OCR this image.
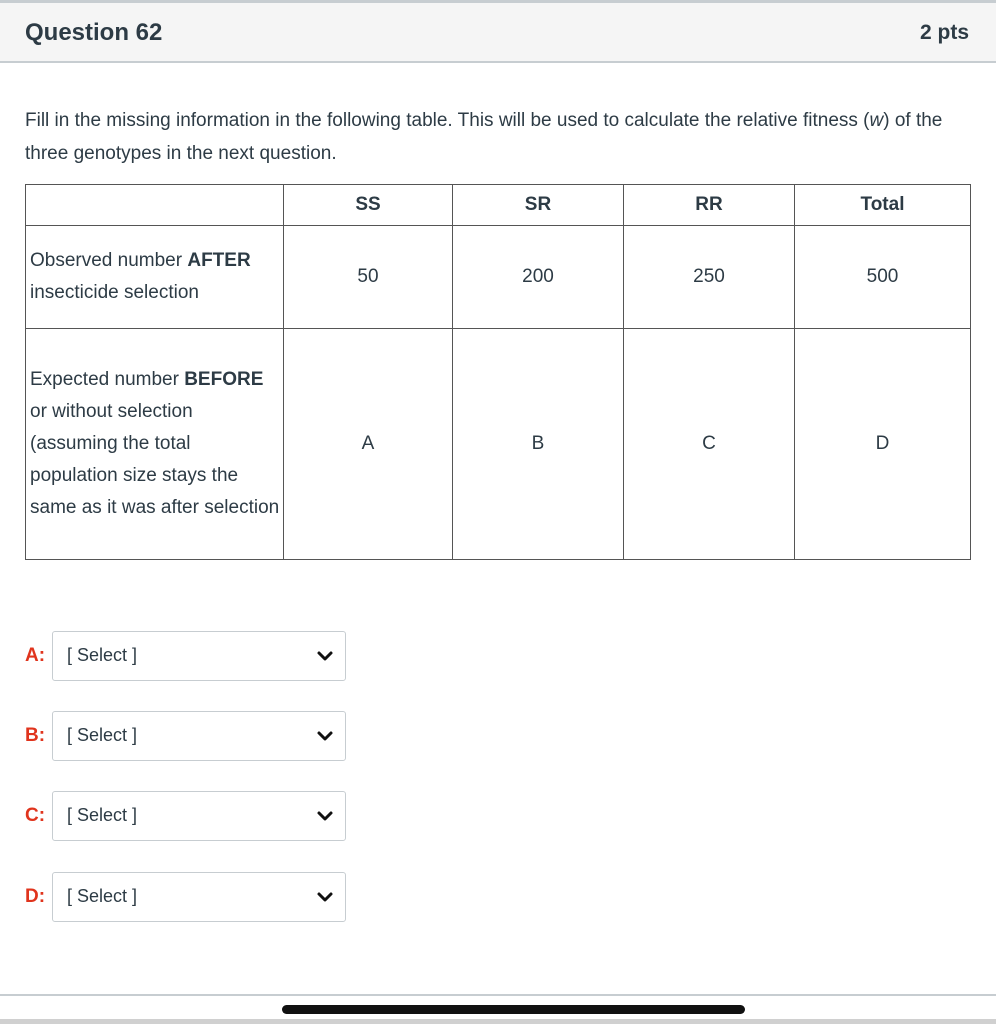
Question 62	2 pts
Fill in the missing information in the following table. This will be used to calculate the relative fitness (w) of the three genotypes in the next question.
	SS	SR	RR	Total
Observed number AFTER insecticide selection	50	200	250	500
Expected number BEFORE or without selection (assuming the total population size stays the same as it was after selection	A	B	C	D
A:	[ Select ]
B:	[ Select ]
C:	[ Select ]
D:	[ Select ]
